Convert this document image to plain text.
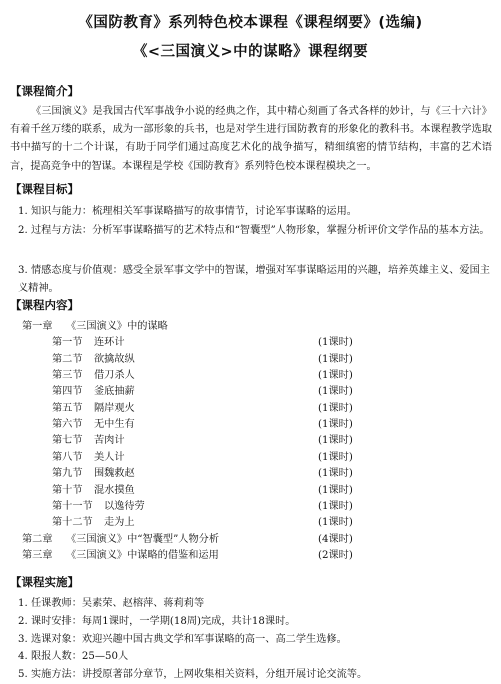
《国防教育》系列特色校本课程《课程纲要》(选编)
《<三国演义>中的谋略》课程纲要
【课程简介】
《三国演义》是我国古代军事战争小说的经典之作，其中精心刻画了各式各样的妙计，与《三十六计》有着千丝万缕的联系，成为一部形象的兵书，也是对学生进行国防教育的形象化的教科书。本课程教学选取书中描写的十二个计谋，有助于同学们通过高度艺术化的战争描写，精细缜密的情节结构，丰富的艺术语言，提高竞争中的智谋。本课程是学校《国防教育》系列特色校本课程模块之一。
【课程目标】
1. 知识与能力：梳理相关军事谋略描写的故事情节，讨论军事谋略的运用。
2. 过程与方法：分析军事谋略描写的艺术特点和“智囊型”人物形象，掌握分析评价文学作品的基本方法。
3. 情感态度与价值观：感受全景军事文学中的智谋，增强对军事谋略运用的兴趣，培养英雄主义、爱国主义精神。
【课程内容】
第一章 《三国演义》中的谋略
第一节 连环计	(1课时)
第二节 欲擒故纵	(1课时)
第三节 借刀杀人	(1课时)
第四节 釜底抽薪	(1课时)
第五节 隔岸观火	(1课时)
第六节 无中生有	(1课时)
第七节 苦肉计	(1课时)
第八节 美人计	(1课时)
第九节 围魏救赵	(1课时)
第十节 混水摸鱼	(1课时)
第十一节 以逸待劳	(1课时)
第十二节 走为上	(1课时)
第二章 《三国演义》中“智囊型”人物分析	(4课时)
第三章 《三国演义》中谋略的借鉴和运用	(2课时)
【课程实施】
1. 任课教师：吴素荣、赵榕萍、蒋莉莉等
2. 课时安排：每周1课时，一学期(18周)完成，共计18课时。
3. 选课对象：欢迎兴趣中国古典文学和军事谋略的高一、高二学生选修。
4. 限报人数：25—50人
5. 实施方法：讲授原著部分章节，上网收集相关资料，分组开展讨论交流等。
